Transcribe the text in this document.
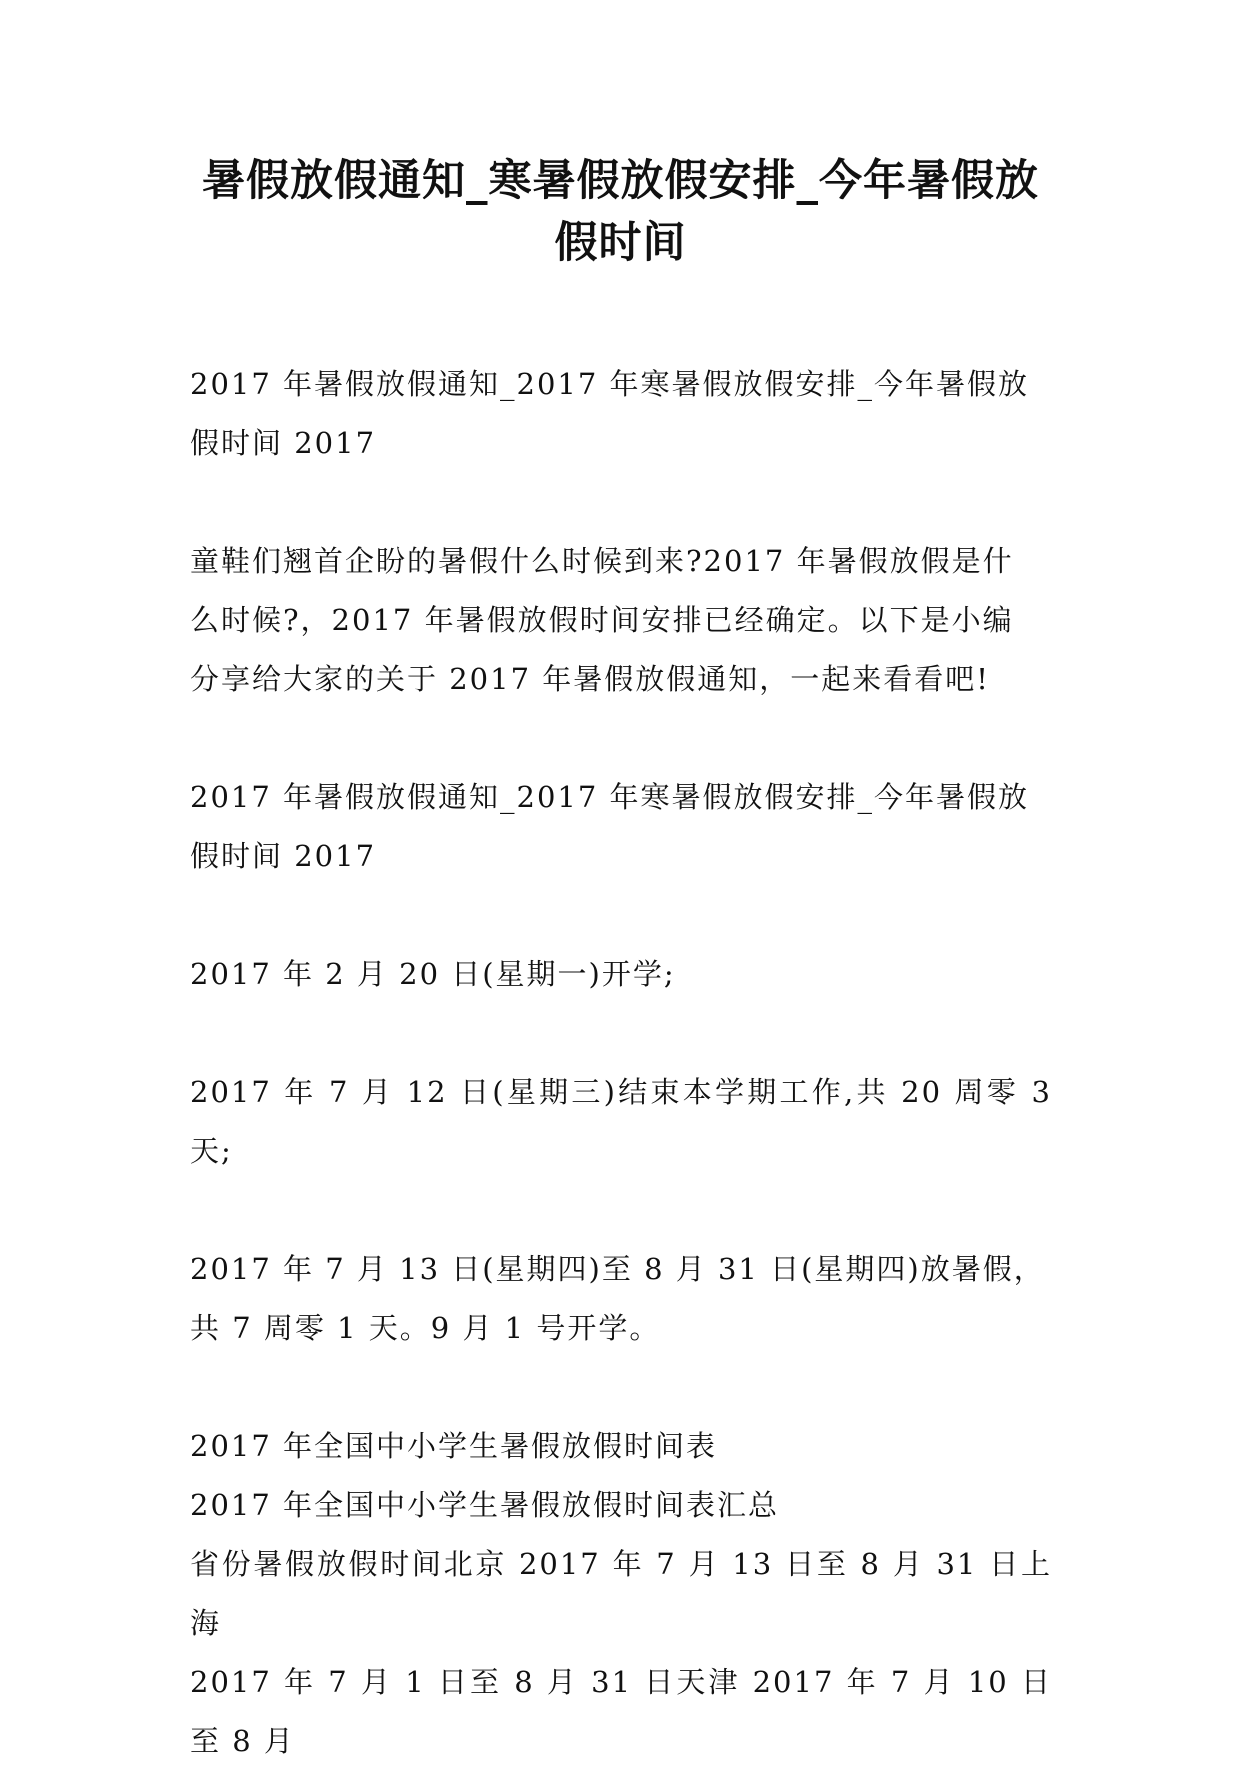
暑假放假通知_寒暑假放假安排_今年暑假放
假时间

2017 年暑假放假通知_2017 年寒暑假放假安排_今年暑假放
假时间 2017

童鞋们翘首企盼的暑假什么时候到来?2017 年暑假放假是什
么时候?，2017 年暑假放假时间安排已经确定。以下是小编
分享给大家的关于 2017 年暑假放假通知，一起来看看吧!

2017 年暑假放假通知_2017 年寒暑假放假安排_今年暑假放
假时间 2017

2017 年 2 月 20 日(星期一)开学;

2017 年 7 月 12 日(星期三)结束本学期工作,共 20 周零 3 天;

2017 年 7 月 13 日(星期四)至 8 月 31 日(星期四)放暑假，
共 7 周零 1 天。9 月 1 号开学。

2017 年全国中小学生暑假放假时间表
2017 年全国中小学生暑假放假时间表汇总
省份暑假放假时间北京 2017 年 7 月 13 日至 8 月 31 日上海
2017 年 7 月 1 日至 8 月 31 日天津 2017 年 7 月 10 日至 8 月
